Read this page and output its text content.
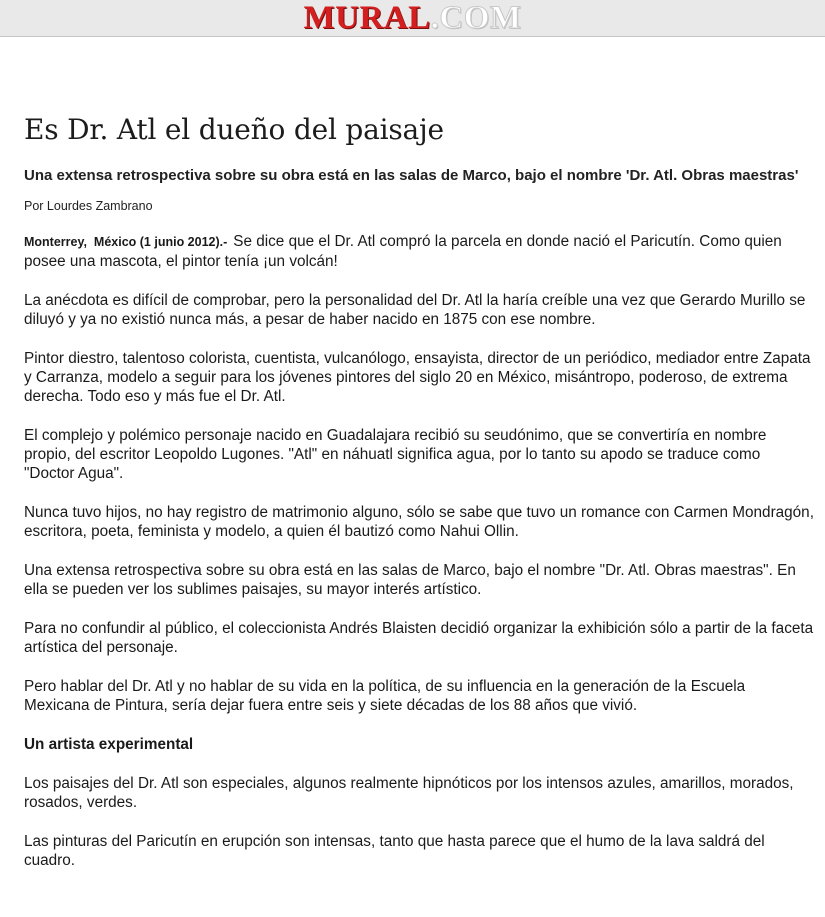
MURAL.COM
Es Dr. Atl el dueño del paisaje

Una extensa retrospectiva sobre su obra está en las salas de Marco, bajo el nombre 'Dr. Atl. Obras maestras'

Por Lourdes Zambrano

Monterrey,  México (1 junio 2012).- Se dice que el Dr. Atl compró la parcela en donde nació el Paricutín. Como quien posee una mascota, el pintor tenía ¡un volcán!

La anécdota es difícil de comprobar, pero la personalidad del Dr. Atl la haría creíble una vez que Gerardo Murillo se diluyó y ya no existió nunca más, a pesar de haber nacido en 1875 con ese nombre.

Pintor diestro, talentoso colorista, cuentista, vulcanólogo, ensayista, director de un periódico, mediador entre Zapata y Carranza, modelo a seguir para los jóvenes pintores del siglo 20 en México, misántropo, poderoso, de extrema derecha. Todo eso y más fue el Dr. Atl.

El complejo y polémico personaje nacido en Guadalajara recibió su seudónimo, que se convertiría en nombre propio, del escritor Leopoldo Lugones. "Atl" en náhuatl significa agua, por lo tanto su apodo se traduce como "Doctor Agua".

Nunca tuvo hijos, no hay registro de matrimonio alguno, sólo se sabe que tuvo un romance con Carmen Mondragón, escritora, poeta, feminista y modelo, a quien él bautizó como Nahui Ollin.

Una extensa retrospectiva sobre su obra está en las salas de Marco, bajo el nombre "Dr. Atl. Obras maestras". En ella se pueden ver los sublimes paisajes, su mayor interés artístico.

Para no confundir al público, el coleccionista Andrés Blaisten decidió organizar la exhibición sólo a partir de la faceta artística del personaje.

Pero hablar del Dr. Atl y no hablar de su vida en la política, de su influencia en la generación de la Escuela Mexicana de Pintura, sería dejar fuera entre seis y siete décadas de los 88 años que vivió.

Un artista experimental

Los paisajes del Dr. Atl son especiales, algunos realmente hipnóticos por los intensos azules, amarillos, morados, rosados, verdes.

Las pinturas del Paricutín en erupción son intensas, tanto que hasta parece que el humo de la lava saldrá del cuadro.
